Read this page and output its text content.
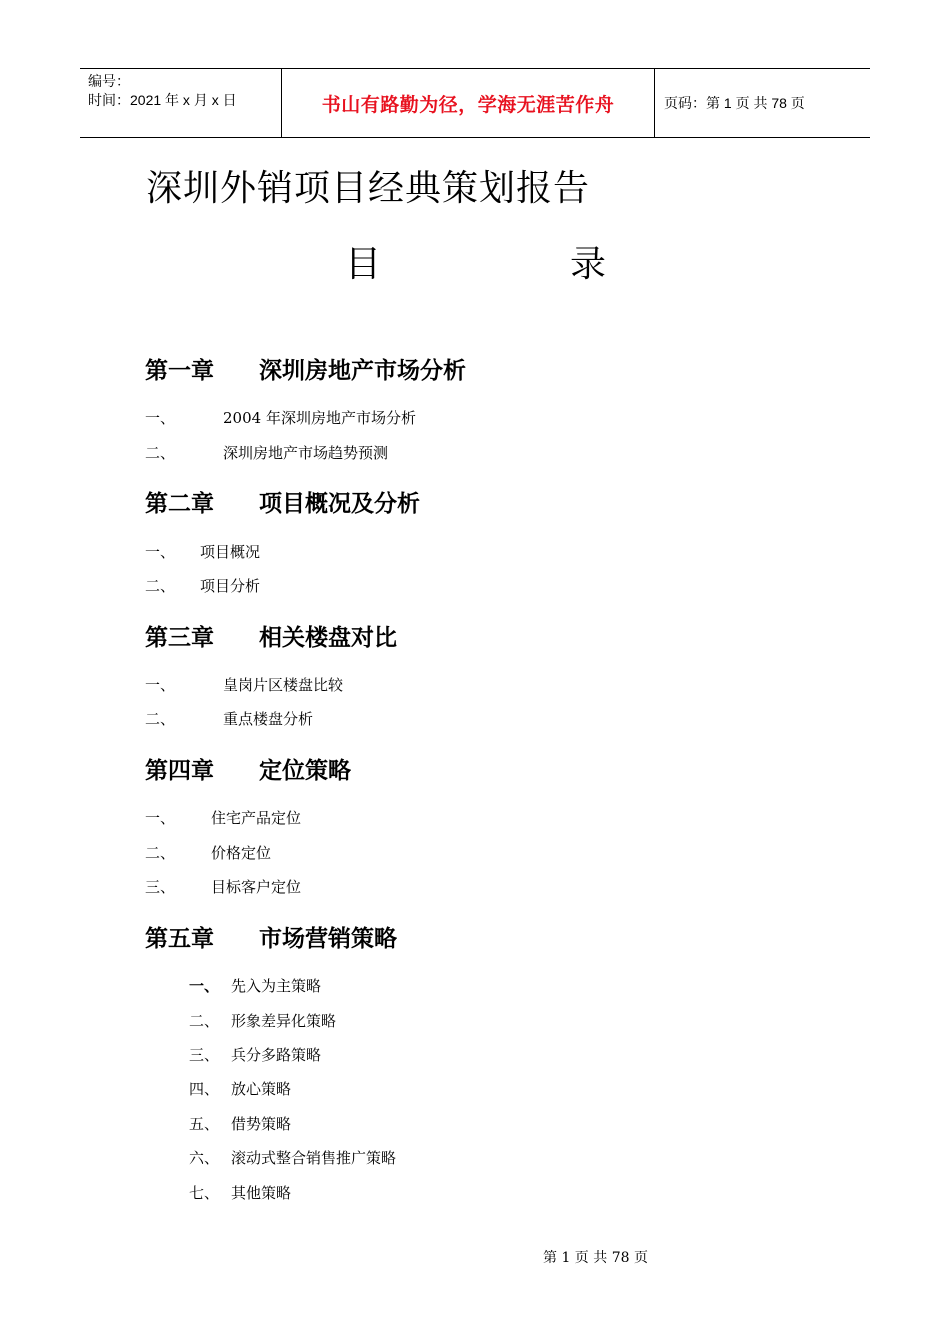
编号：
时间：2021 年 x 月 x 日	书山有路勤为径，学海无涯苦作舟	页码：第 1 页 共 78 页
深圳外销项目经典策划报告
目	录
第一章 深圳房地产市场分析
一、	2004 年深圳房地产市场分析
二、	深圳房地产市场趋势预测
第二章 项目概况及分析
一、 项目概况
二、 项目分析
第三章 相关楼盘对比
一、	皇岗片区楼盘比较
二、	重点楼盘分析
第四章 定位策略
一、 住宅产品定位
二、 价格定位
三、 目标客户定位
第五章 市场营销策略
一、 先入为主策略
二、 形象差异化策略
三、 兵分多路策略
四、 放心策略
五、 借势策略
六、 滚动式整合销售推广策略
七、 其他策略
第 1 页 共 78 页
